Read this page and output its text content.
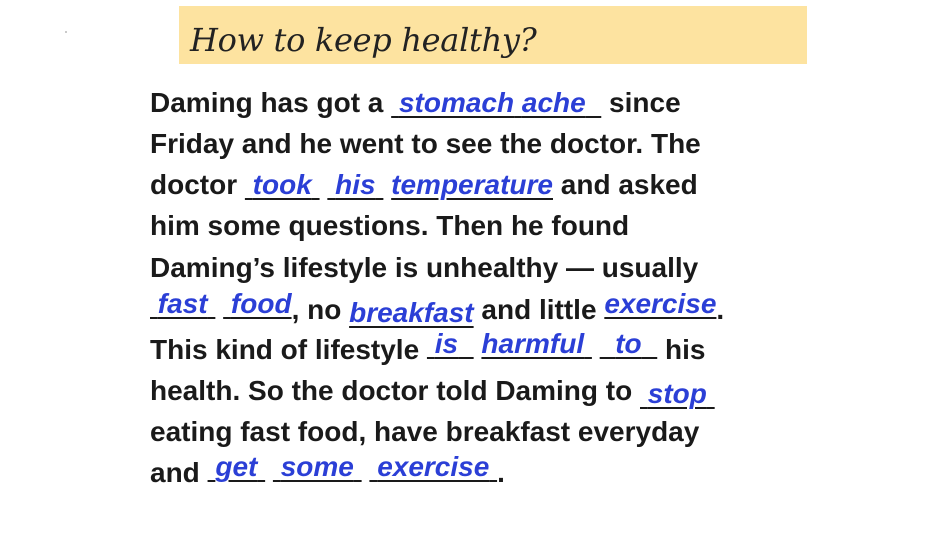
How to keep healthy?
Daming has got a  stomach ache   since
Friday and he went to see the doctor. The
doctor  took his temperature and asked
him some questions. Then he found
Daming’s lifestyle is unhealthy — usually
fast food, no breakfast and little exercise.
This kind of lifestyle  is harmful to   his
health. So the doctor told Daming to  stop
eating fast food, have breakfast everyday
and  get some exercise .
